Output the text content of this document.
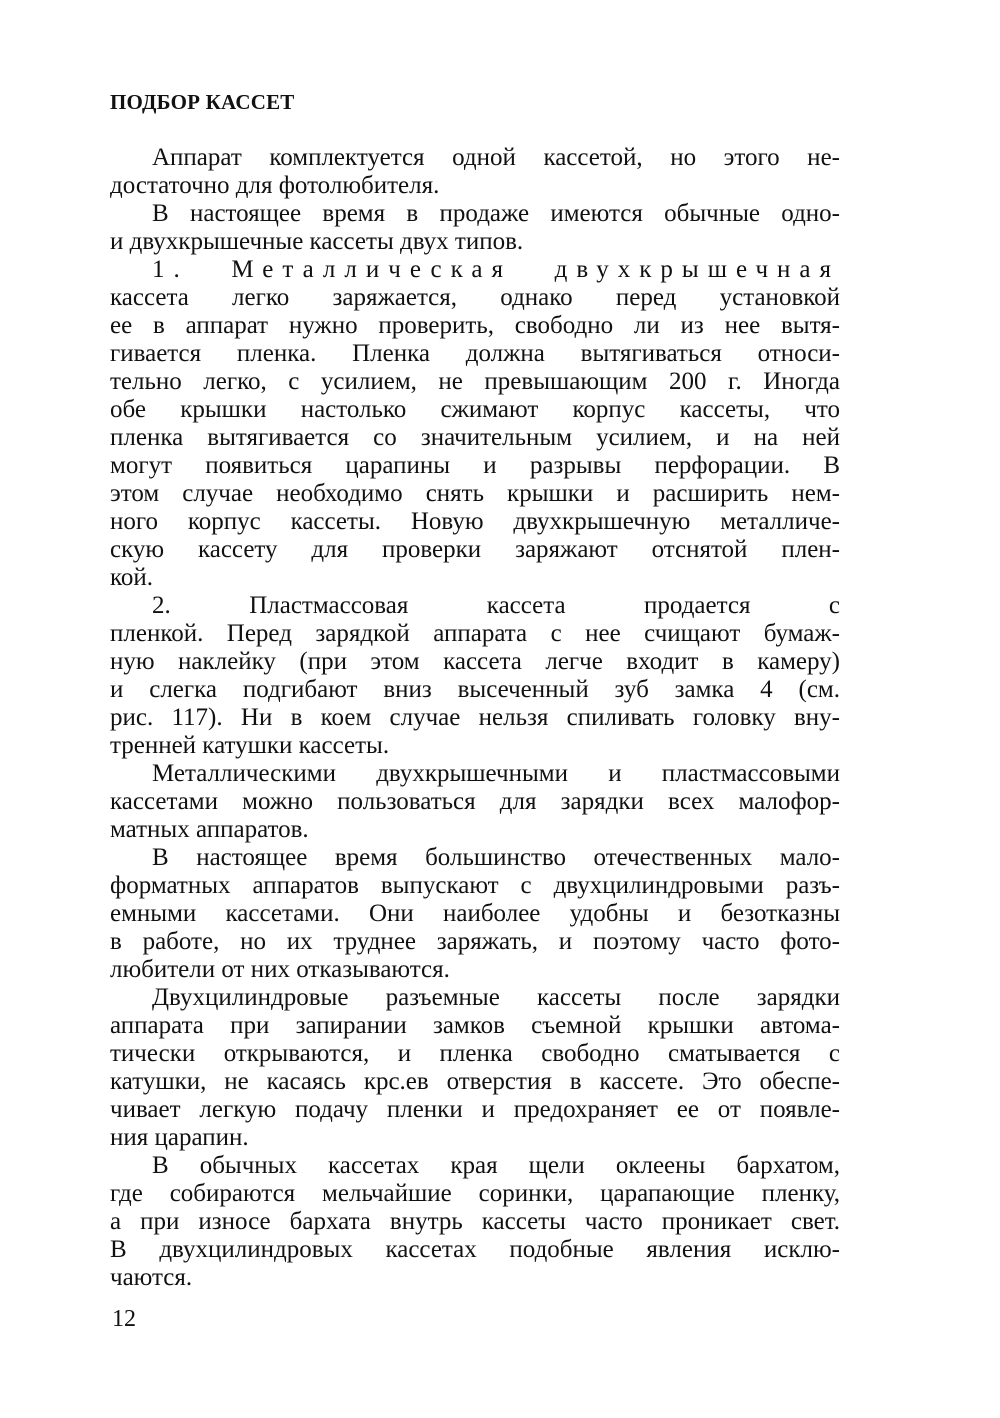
ПОДБОР КАССЕТ

Аппарат комплектуется одной кассетой, но этого не-
достаточно для фотолюбителя.

В настоящее время в продаже имеются обычные одно-
и двухкрышечные кассеты двух типов.

1. Металлическая двухкрышечная
кассета легко заряжается, однако перед установкой
ее в аппарат нужно проверить, свободно ли из нее вытя-
гивается пленка. Пленка должна вытягиваться относи-
тельно легко, с усилием, не превышающим 200 г. Иногда
обе крышки настолько сжимают корпус кассеты, что
пленка вытягивается со значительным усилием, и на ней
могут появиться царапины и разрывы перфорации. В
этом случае необходимо снять крышки и расширить нем-
ного корпус кассеты. Новую двухкрышечную металличе-
скую кассету для проверки заряжают отснятой плен-
кой.

2. Пластмассовая кассета продается с
пленкой. Перед зарядкой аппарата с нее счищают бумаж-
ную наклейку (при этом кассета легче входит в камеру)
и слегка подгибают вниз высеченный зуб замка 4 (см.
рис. 117). Ни в коем случае нельзя спиливать головку вну-
тренней катушки кассеты.

Металлическими двухкрышечными и пластмассовыми
кассетами можно пользоваться для зарядки всех малофор-
матных аппаратов.

В настоящее время большинство отечественных мало-
форматных аппаратов выпускают с двухцилиндровыми разъ-
емными кассетами. Они наиболее удобны и безотказны
в работе, но их труднее заряжать, и поэтому часто фото-
любители от них отказываются.

Двухцилиндровые разъемные кассеты после зарядки
аппарата при запирании замков съемной крышки автома-
тически открываются, и пленка свободно сматывается с
катушки, не касаясь крс.ев отверстия в кассете. Это обеспе-
чивает легкую подачу пленки и предохраняет ее от появле-
ния царапин.

В обычных кассетах края щели оклеены бархатом,
где собираются мельчайшие соринки, царапающие пленку,
а при износе бархата внутрь кассеты часто проникает свет.
В двухцилиндровых кассетах подобные явления исклю-
чаются.

12
